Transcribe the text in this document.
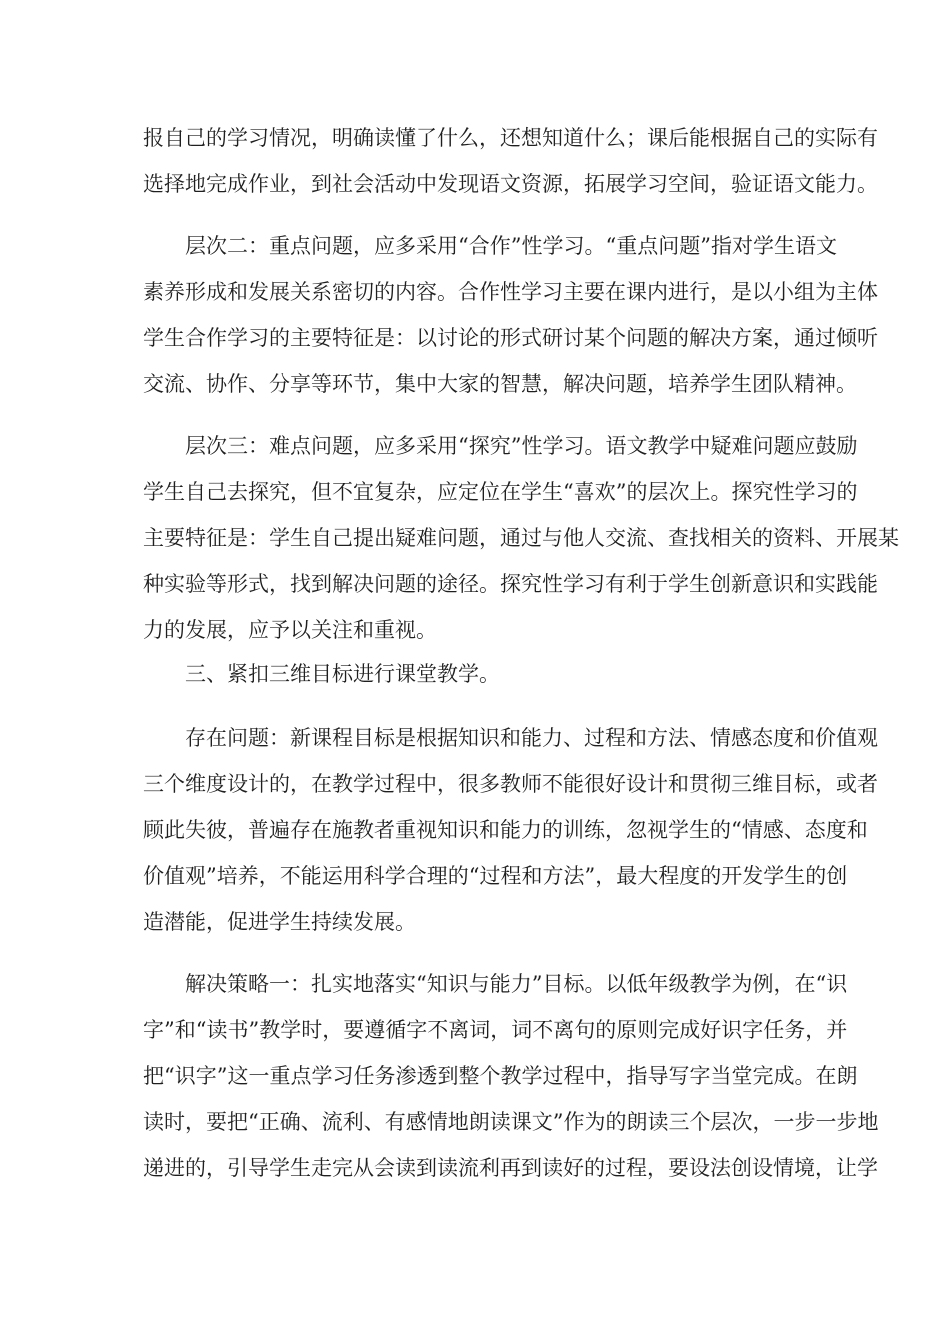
报自己的学习情况，明确读懂了什么，还想知道什么；课后能根据自己的实际有
选择地完成作业，到社会活动中发现语文资源，拓展学习空间，验证语文能力。
层次二：重点问题，应多采用“合作”性学习。“重点问题”指对学生语文
素养形成和发展关系密切的内容。合作性学习主要在课内进行，是以小组为主体
学生合作学习的主要特征是：以讨论的形式研讨某个问题的解决方案，通过倾听
交流、协作、分享等环节，集中大家的智慧，解决问题，培养学生团队精神。
层次三：难点问题，应多采用“探究”性学习。语文教学中疑难问题应鼓励
学生自己去探究，但不宜复杂，应定位在学生“喜欢”的层次上。探究性学习的
主要特征是：学生自己提出疑难问题，通过与他人交流、查找相关的资料、开展某
种实验等形式，找到解决问题的途径。探究性学习有利于学生创新意识和实践能
力的发展，应予以关注和重视。
三、紧扣三维目标进行课堂教学。
存在问题：新课程目标是根据知识和能力、过程和方法、情感态度和价值观
三个维度设计的，在教学过程中，很多教师不能很好设计和贯彻三维目标，或者
顾此失彼，普遍存在施教者重视知识和能力的训练，忽视学生的“情感、态度和
价值观”培养，不能运用科学合理的“过程和方法”，最大程度的开发学生的创
造潜能，促进学生持续发展。
解决策略一：扎实地落实“知识与能力”目标。以低年级教学为例，在“识
字”和“读书”教学时，要遵循字不离词，词不离句的原则完成好识字任务，并
把“识字”这一重点学习任务渗透到整个教学过程中，指导写字当堂完成。在朗
读时，要把“正确、流利、有感情地朗读课文”作为的朗读三个层次，一步一步地
递进的，引导学生走完从会读到读流利再到读好的过程，要设法创设情境，让学
